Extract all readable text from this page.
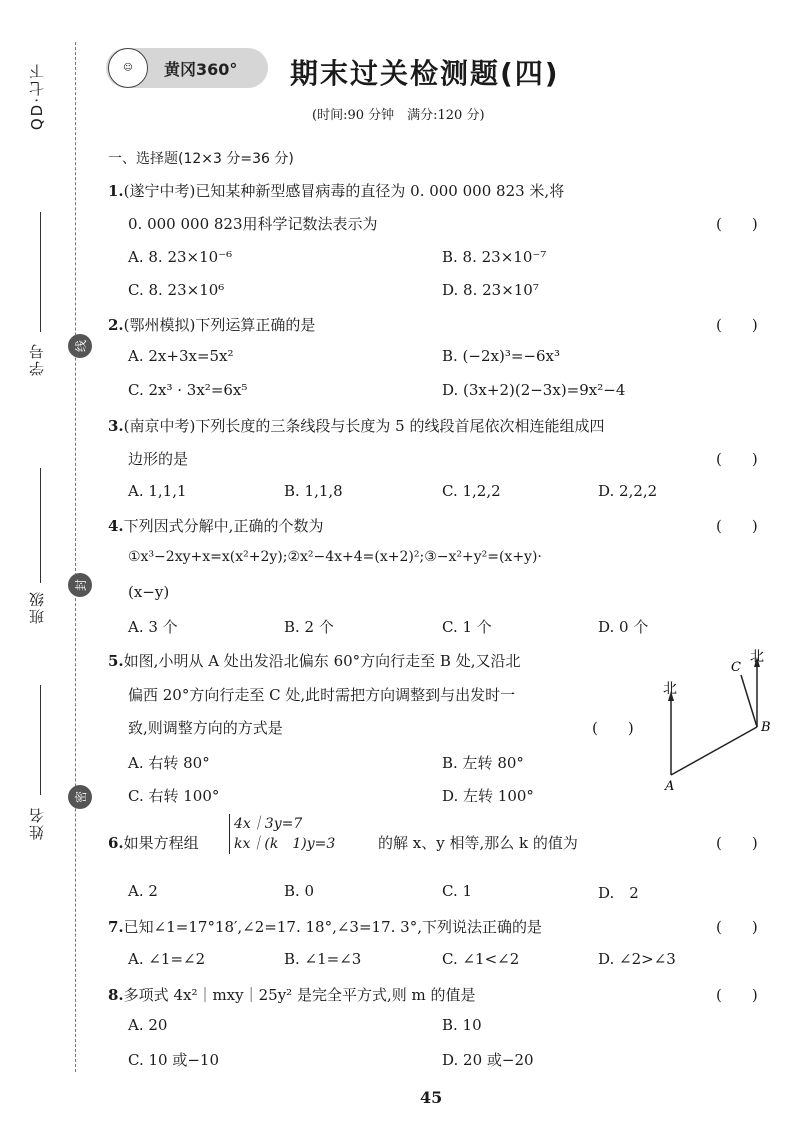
QD·七下
学号	线
班级
封
姓名
密
☺	黄冈360° 期末过关检测题(四)
(时间:90 分钟　满分:120 分)
一、选择题(12×3 分=36 分)
1.(遂宁中考)已知某种新型感冒病毒的直径为 0. 000 000 823 米,将
0. 000 000 823用科学记数法表示为	(　　)
A. 8. 23×10⁻⁶	B. 8. 23×10⁻⁷
C. 8. 23×10⁶	D. 8. 23×10⁷
2.(鄂州模拟)下列运算正确的是	(　　)
A. 2x+3x=5x²	B. (−2x)³=−6x³
C. 2x³ · 3x²=6x⁵	D. (3x+2)(2−3x)=9x²−4
3.(南京中考)下列长度的三条线段与长度为 5 的线段首尾依次相连能组成四
边形的是	(　　)
A. 1,1,1	B. 1,1,8	C. 1,2,2	D. 2,2,2
4.下列因式分解中,正确的个数为	(　　)
①x³−2xy+x=x(x²+2y);②x²−4x+4=(x+2)²;③−x²+y²=(x+y)·
(x−y)
A. 3 个	B. 2 个	C. 1 个	D. 0 个
5.如图,小明从 A 处出发沿北偏东 60°方向行走至 B 处,又沿北
偏西 20°方向行走至 C 处,此时需把方向调整到与出发时一
致,则调整方向的方式是	(　　)
A. 右转 80°	B. 左转 80°
C. 右转 100°	D. 左转 100°
北
北
A
B
C
6.如果方程组
4x｜3y=7
kx｜(k　1)y=3	的解 x、y 相等,那么 k 的值为	(　　)
A. 2	B. 0	C. 1	D.　2
7.已知∠1=17°18′,∠2=17. 18°,∠3=17. 3°,下列说法正确的是	(　　)
A. ∠1=∠2	B. ∠1=∠3	C. ∠1<∠2	D. ∠2>∠3
8.多项式 4x²｜mxy｜25y² 是完全平方式,则 m 的值是	(　　)
A. 20	B. 10
C. 10 或−10	D. 20 或−20
45
